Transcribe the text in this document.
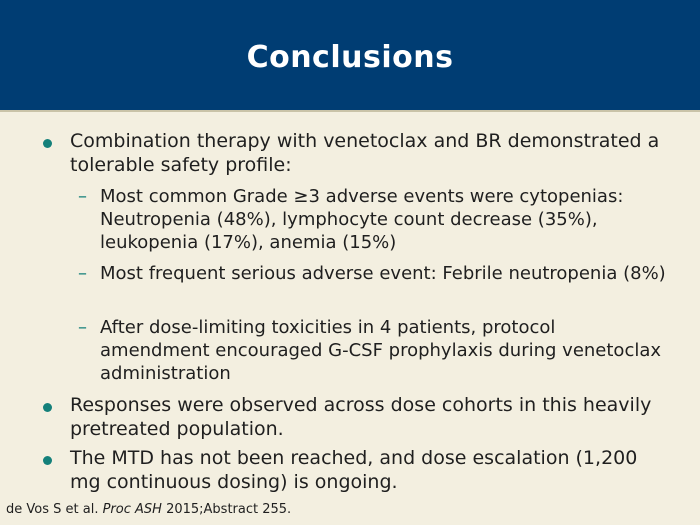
Conclusions
Combination therapy with venetoclax and BR demonstrated a tolerable safety profile:
– Most common Grade ≥3 adverse events were cytopenias: Neutropenia (48%), lymphocyte count decrease (35%), leukopenia (17%), anemia (15%)
– Most frequent serious adverse event: Febrile neutropenia (8%)
– After dose-limiting toxicities in 4 patients, protocol amendment encouraged G-CSF prophylaxis during venetoclax administration
Responses were observed across dose cohorts in this heavily pretreated population.
The MTD has not been reached, and dose escalation (1,200 mg continuous dosing) is ongoing.
de Vos S et al. Proc ASH 2015;Abstract 255.
